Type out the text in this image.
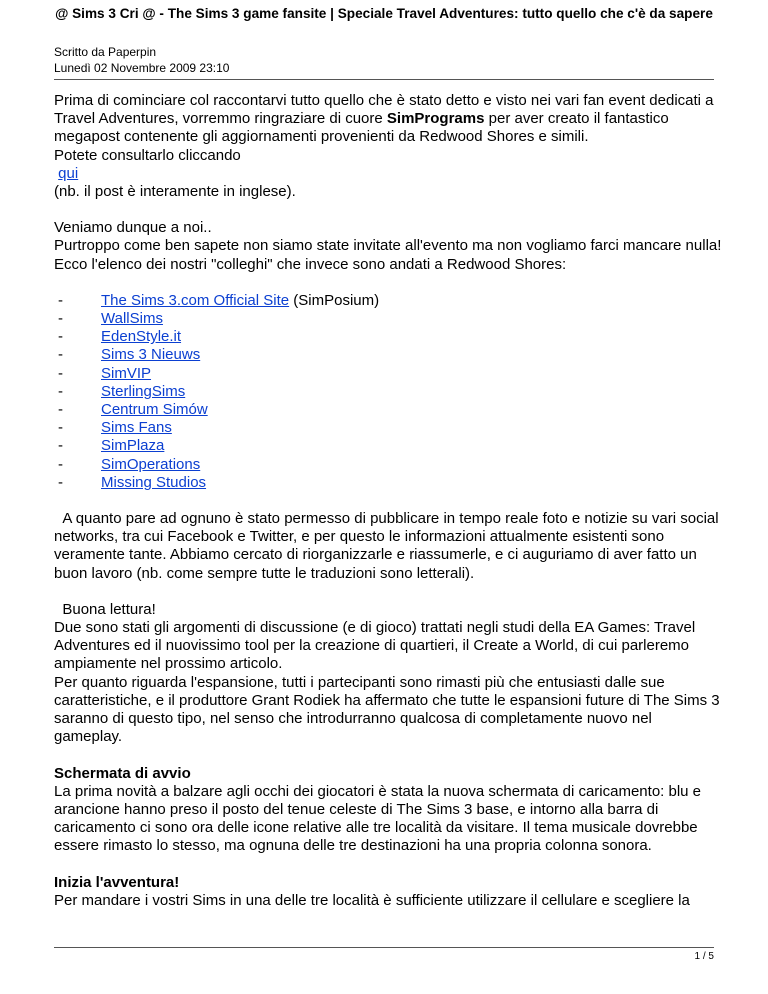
@ Sims 3 Cri @ - The Sims 3 game fansite | Speciale Travel Adventures: tutto quello che c'è da sapere
Scritto da Paperpin
Lunedì 02 Novembre 2009 23:10

Prima di cominciare col raccontarvi tutto quello che è stato detto e visto nei vari fan event dedicati a Travel Adventures, vorremmo ringraziare di cuore SimPrograms per aver creato il fantastico megapost contenente gli aggiornamenti provenienti da Redwood Shores e simili.

Potete consultarlo cliccando

qui

(nb. il post è interamente in inglese).

Veniamo dunque a noi..

Purtroppo come ben sapete non siamo state invitate all'evento ma non vogliamo farci mancare nulla! Ecco l'elenco dei nostri "colleghi" che invece sono andati a Redwood Shores:

-	The Sims 3.com Official Site (SimPosium)
-	WallSims
-	EdenStyle.it
-	Sims 3 Nieuws
-	SimVIP
-	SterlingSims
-	Centrum Simów
-	Sims Fans
-	SimPlaza
-	SimOperations
-	Missing Studios

A quanto pare ad ognuno è stato permesso di pubblicare in tempo reale foto e notizie su vari social networks, tra cui Facebook e Twitter, e per questo le informazioni attualmente esistenti sono veramente tante. Abbiamo cercato di riorganizzarle e riassumerle, e ci auguriamo di aver fatto un buon lavoro (nb. come sempre tutte le traduzioni sono letterali).

Buona lettura!

Due sono stati gli argomenti di discussione (e di gioco) trattati negli studi della EA Games: Travel Adventures ed il nuovissimo tool per la creazione di quartieri, il Create a World, di cui parleremo ampiamente nel prossimo articolo.

Per quanto riguarda l'espansione, tutti i partecipanti sono rimasti più che entusiasti dalle sue caratteristiche, e il produttore Grant Rodiek ha affermato che tutte le espansioni future di The Sims 3 saranno di questo tipo, nel senso che introdurranno qualcosa di completamente nuovo nel gameplay.

Schermata di avvio

La prima novità a balzare agli occhi dei giocatori è stata la nuova schermata di caricamento: blu e arancione hanno preso il posto del tenue celeste di The Sims 3 base, e intorno alla barra di caricamento ci sono ora delle icone relative alle tre località da visitare. Il tema musicale dovrebbe essere rimasto lo stesso, ma ognuna delle tre destinazioni ha una propria colonna sonora.

Inizia l'avventura!

Per mandare i vostri Sims in una delle tre località è sufficiente utilizzare il cellulare e scegliere la

1 / 5
